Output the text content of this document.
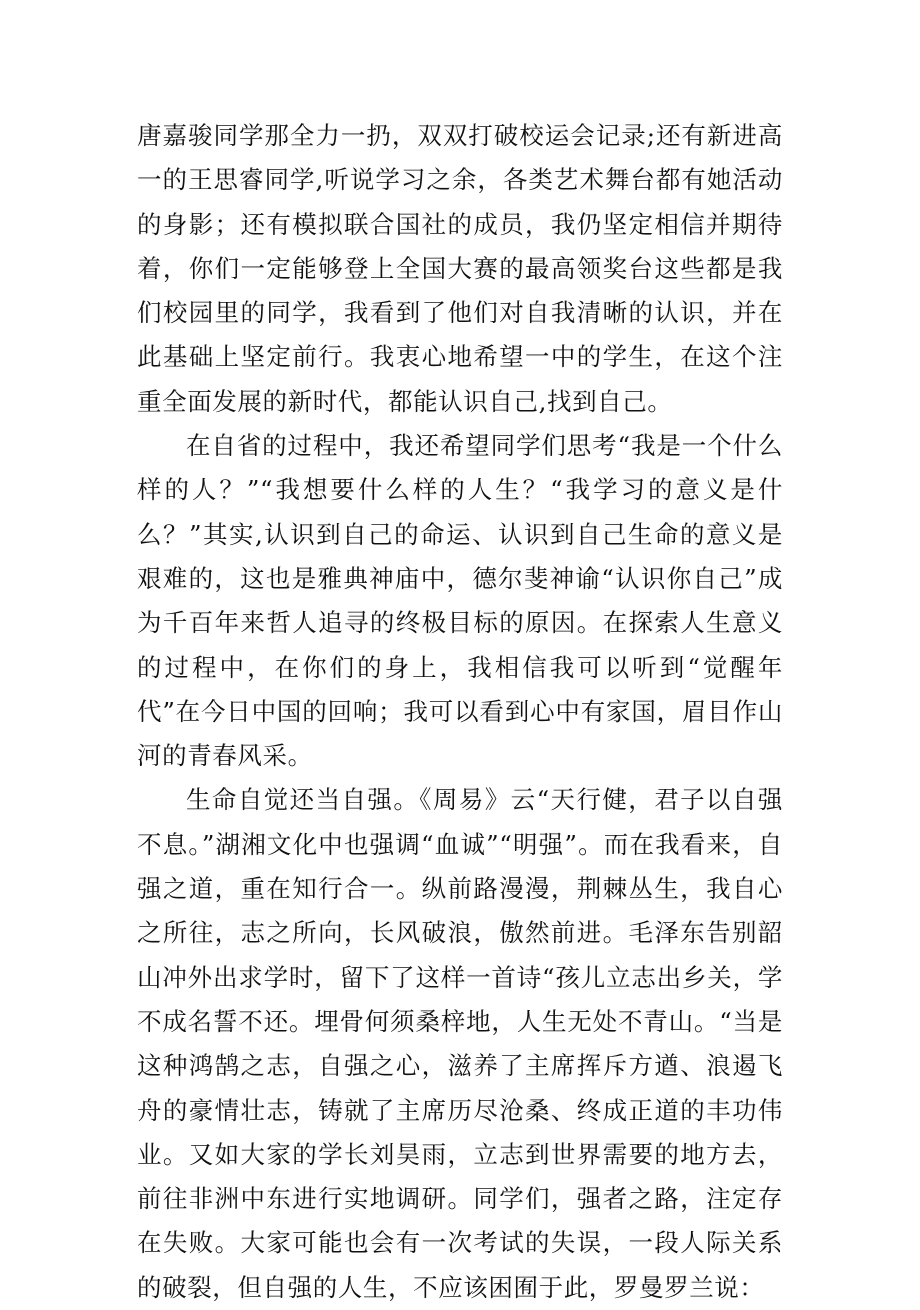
唐嘉骏同学那全力一扔，双双打破校运会记录;还有新进高一的王思睿同学,听说学习之余，各类艺术舞台都有她活动的身影；还有模拟联合国社的成员，我仍坚定相信并期待着，你们一定能够登上全国大赛的最高领奖台这些都是我们校园里的同学，我看到了他们对自我清晰的认识，并在此基础上坚定前行。我衷心地希望一中的学生，在这个注重全面发展的新时代，都能认识自己,找到自己。

在自省的过程中，我还希望同学们思考“我是一个什么样的人？”“我想要什么样的人生？“我学习的意义是什么？”其实,认识到自己的命运、认识到自己生命的意义是艰难的，这也是雅典神庙中，德尔斐神谕“认识你自己”成为千百年来哲人追寻的终极目标的原因。在探索人生意义的过程中，在你们的身上，我相信我可以听到“觉醒年代”在今日中国的回响；我可以看到心中有家国，眉目作山河的青春风采。

生命自觉还当自强。《周易》云“天行健，君子以自强不息。”湖湘文化中也强调“血诚”“明强”。而在我看来，自强之道，重在知行合一。纵前路漫漫，荆棘丛生，我自心之所往，志之所向，长风破浪，傲然前进。毛泽东告别韶山冲外出求学时，留下了这样一首诗“孩儿立志出乡关，学不成名誓不还。埋骨何须桑梓地，人生无处不青山。“当是这种鸿鹄之志，自强之心，滋养了主席挥斥方遒、浪遏飞舟的豪情壮志，铸就了主席历尽沧桑、终成正道的丰功伟业。又如大家的学长刘昊雨，立志到世界需要的地方去，前往非洲中东进行实地调研。同学们，强者之路，注定存在失败。大家可能也会有一次考试的失误，一段人际关系的破裂，但自强的人生，不应该困囿于此，罗曼罗兰说：
